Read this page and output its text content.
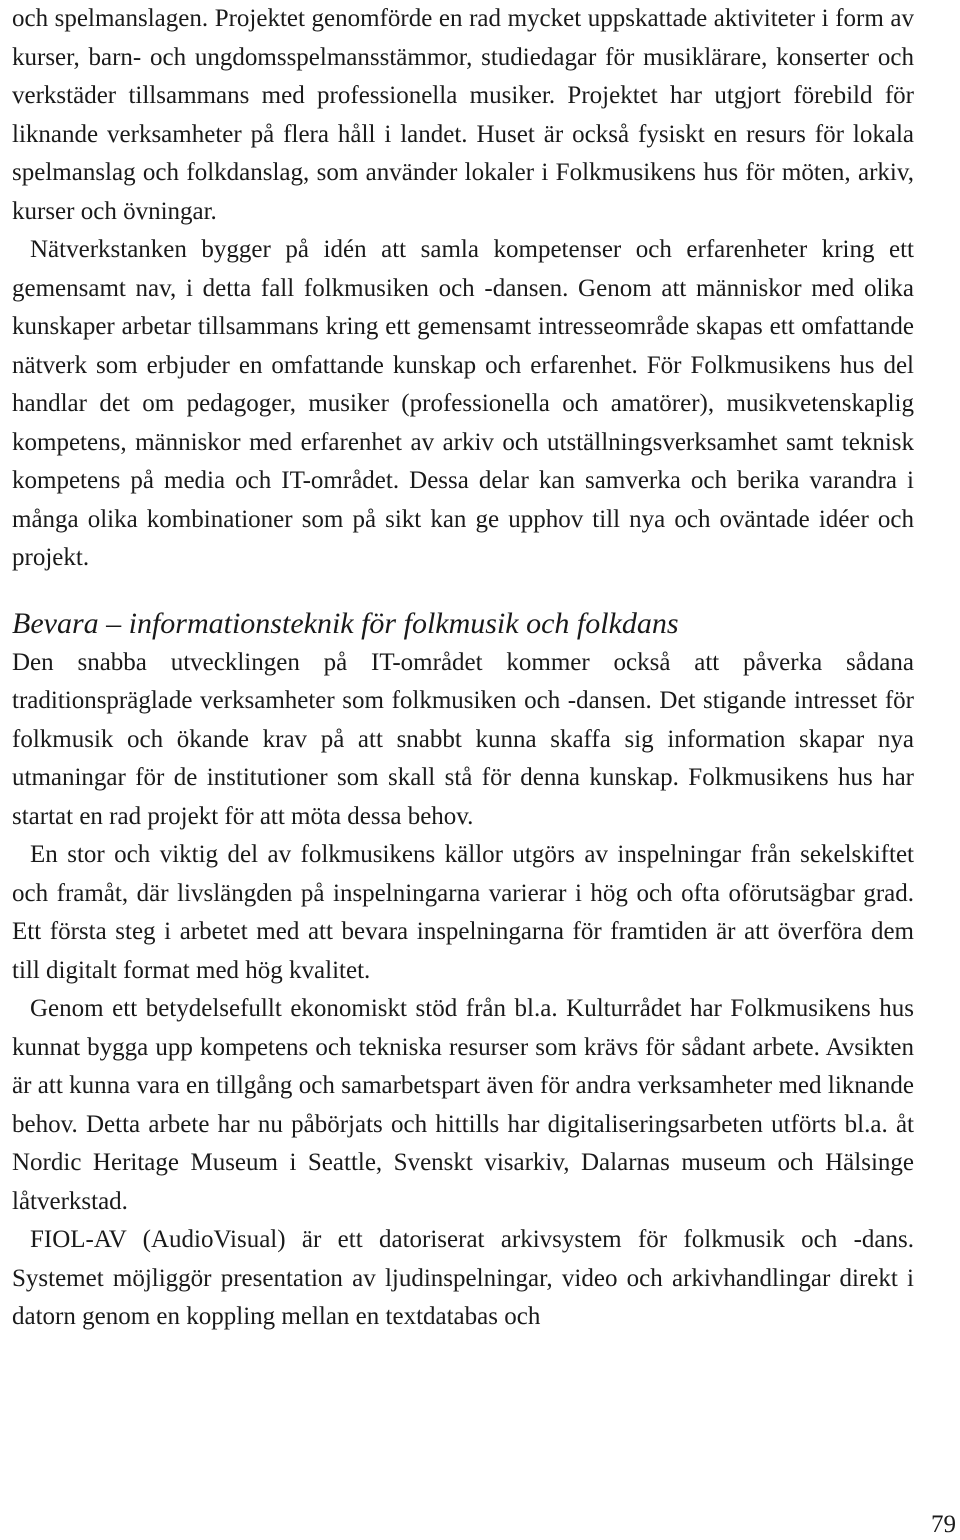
och spelmanslagen. Projektet genomförde en rad mycket uppskattade aktiviteter i form av kurser, barn- och ungdomsspelmansstämmor, studiedagar för musiklärare, konserter och verkstäder tillsammans med professionella musiker. Projektet har utgjort förebild för liknande verksamheter på flera håll i landet. Huset är också fysiskt en resurs för lokala spelmanslag och folkdanslag, som använder lokaler i Folkmusikens hus för möten, arkiv, kurser och övningar.

Nätverkstanken bygger på idén att samla kompetenser och erfarenheter kring ett gemensamt nav, i detta fall folkmusiken och -dansen. Genom att människor med olika kunskaper arbetar tillsammans kring ett gemensamt intresseområde skapas ett omfattande nätverk som erbjuder en omfattande kunskap och erfarenhet. För Folkmusikens hus del handlar det om pedagoger, musiker (professionella och amatörer), musikvetenskaplig kompetens, människor med erfarenhet av arkiv och utställningsverksamhet samt teknisk kompetens på media och IT-området. Dessa delar kan samverka och berika varandra i många olika kombinationer som på sikt kan ge upphov till nya och oväntade idéer och projekt.

Bevara – informationsteknik för folkmusik och folkdans

Den snabba utvecklingen på IT-området kommer också att påverka sådana traditionspräglade verksamheter som folkmusiken och -dansen. Det stigande intresset för folkmusik och ökande krav på att snabbt kunna skaffa sig information skapar nya utmaningar för de institutioner som skall stå för denna kunskap. Folkmusikens hus har startat en rad projekt för att möta dessa behov.

En stor och viktig del av folkmusikens källor utgörs av inspelningar från sekelskiftet och framåt, där livslängden på inspelningarna varierar i hög och ofta oförutsägbar grad. Ett första steg i arbetet med att bevara inspelningarna för framtiden är att överföra dem till digitalt format med hög kvalitet.

Genom ett betydelsefullt ekonomiskt stöd från bl.a. Kulturrådet har Folkmusikens hus kunnat bygga upp kompetens och tekniska resurser som krävs för sådant arbete. Avsikten är att kunna vara en tillgång och samarbetspart även för andra verksamheter med liknande behov. Detta arbete har nu påbörjats och hittills har digitaliseringsarbeten utförts bl.a. åt Nordic Heritage Museum i Seattle, Svenskt visarkiv, Dalarnas museum och Hälsinge låtverkstad.

FIOL-AV (AudioVisual) är ett datoriserat arkivsystem för folkmusik och -dans. Systemet möjliggör presentation av ljudinspelningar, video och arkivhandlingar direkt i datorn genom en koppling mellan en textdatabas och

79
